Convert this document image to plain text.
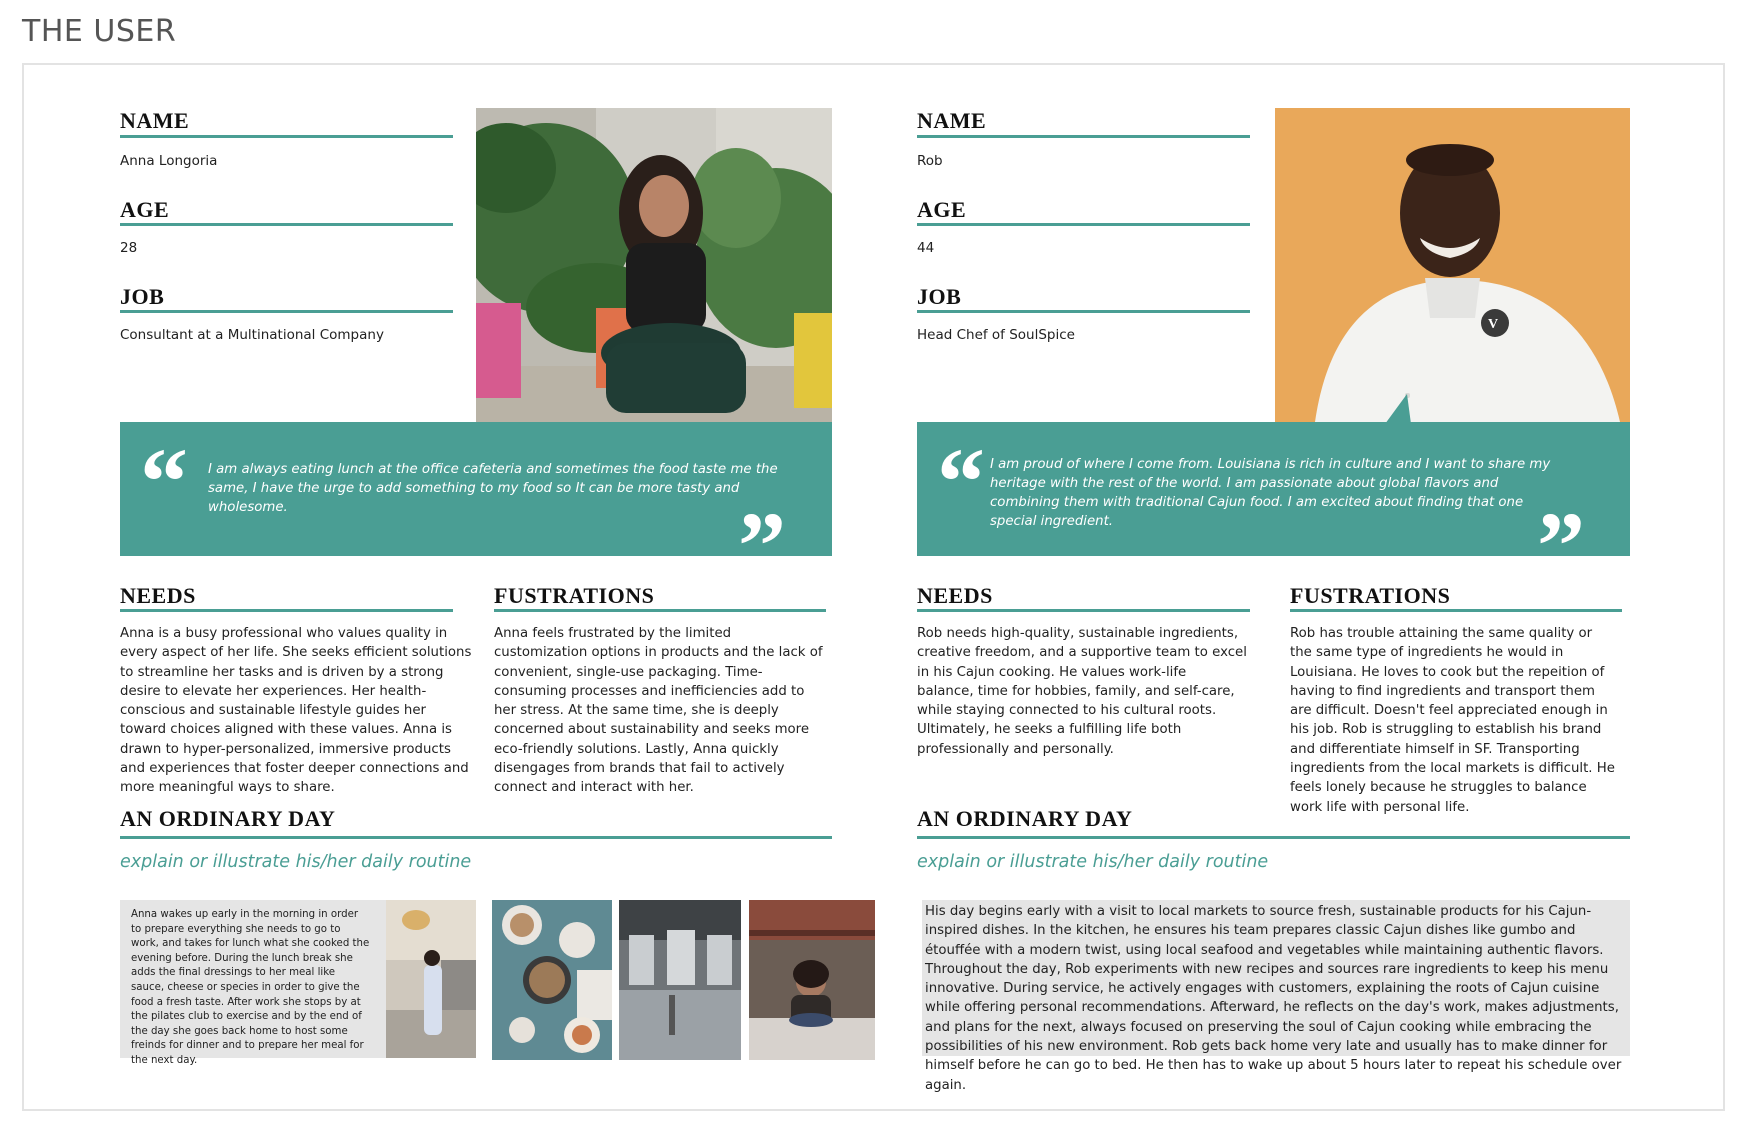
THE USER
NAME
Anna Longoria
AGE
28
JOB
Consultant at a Multinational Company
“ I am always eating lunch at the office cafeteria and sometimes the food taste me the same, I have the urge to add something to my food so It can be more tasty and wholesome.	”
NEEDS
Anna is a busy professional who values quality in every aspect of her life. She seeks efficient solutions to streamline her tasks and is driven by a strong desire to elevate her experiences. Her health-conscious and sustainable lifestyle guides her toward choices aligned with these values. Anna is drawn to hyper-personalized, immersive products and experiences that foster deeper connections and more meaningful ways to share.
FUSTRATIONS
Anna feels frustrated by the limited customization options in products and the lack of convenient, single-use packaging. Time-consuming processes and inefficiencies add to her stress. At the same time, she is deeply concerned about sustainability and seeks more eco-friendly solutions. Lastly, Anna quickly disengages from brands that fail to actively connect and interact with her.
AN ORDINARY DAY
explain or illustrate his/her daily routine
Anna wakes up early in the morning in order to prepare everything she needs to go to work, and takes for lunch what she cooked the evening before. During the lunch break she adds the final dressings to her meal like sauce, cheese or species in order to give the food a fresh taste. After work she stops by at the pilates club to exercise and by the end of the day she goes back home to host some freinds for dinner and to prepare her meal for the next day.
NAME
Rob
AGE
44
JOB
Head Chef of SoulSpice
V
“ I am proud of where I come from. Louisiana is rich in culture and I want to share my heritage with the rest of the world. I am passionate about global flavors and combining them with traditional Cajun food. I am excited about finding that one special ingredient.	”
NEEDS
Rob needs high-quality, sustainable ingredients, creative freedom, and a supportive team to excel in his Cajun cooking. He values work-life balance, time for hobbies, family, and self-care, while staying connected to his cultural roots. Ultimately, he seeks a fulfilling life both professionally and personally.
FUSTRATIONS
Rob has trouble attaining the same quality or the same type of ingredients he would in Louisiana. He loves to cook but the repeition of having to find ingredients and transport them are difficult. Doesn't feel appreciated enough in his job. Rob is struggling to establish his brand and differentiate himself in SF. Transporting ingredients from the local markets is difficult. He feels lonely because he struggles to balance work life with personal life.
AN ORDINARY DAY
explain or illustrate his/her daily routine
His day begins early with a visit to local markets to source fresh, sustainable products for his Cajun-inspired dishes. In the kitchen, he ensures his team prepares classic Cajun dishes like gumbo and étouffée with a modern twist, using local seafood and vegetables while maintaining authentic flavors. Throughout the day, Rob experiments with new recipes and sources rare ingredients to keep his menu innovative. During service, he actively engages with customers, explaining the roots of Cajun cuisine while offering personal recommendations. Afterward, he reflects on the day's work, makes adjustments, and plans for the next, always focused on preserving the soul of Cajun cooking while embracing the possibilities of his new environment. Rob gets back home very late and usually has to make dinner for himself before he can go to bed. He then has to wake up about 5 hours later to repeat his schedule over again.
